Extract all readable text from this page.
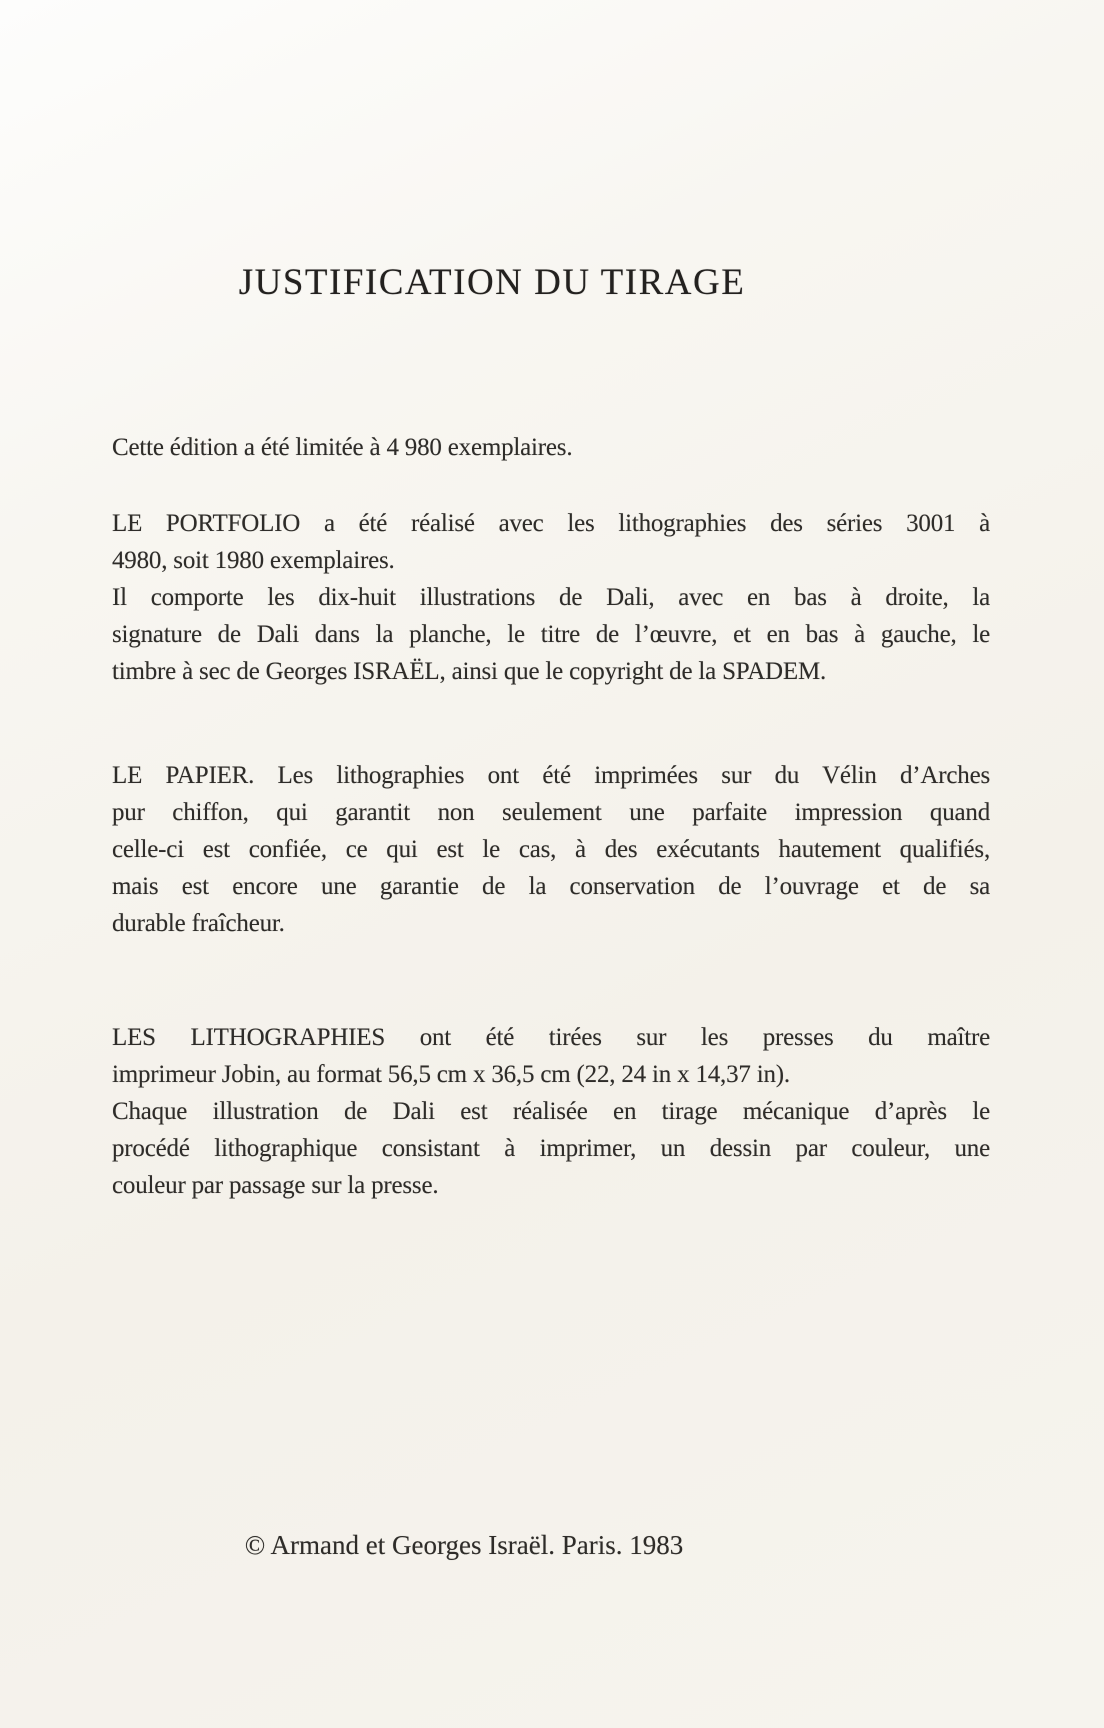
JUSTIFICATION DU TIRAGE
Cette édition a été limitée à 4 980 exemplaires.
LE PORTFOLIO a été réalisé avec les lithographies des séries 3001 à
4980, soit 1980 exemplaires.
Il comporte les dix-huit illustrations de Dali, avec en bas à droite, la
signature de Dali dans la planche, le titre de l’œuvre, et en bas à gauche, le
timbre à sec de Georges ISRAËL, ainsi que le copyright de la SPADEM.
LE PAPIER. Les lithographies ont été imprimées sur du Vélin d’Arches
pur chiffon, qui garantit non seulement une parfaite impression quand
celle-ci est confiée, ce qui est le cas, à des exécutants hautement qualifiés,
mais est encore une garantie de la conservation de l’ouvrage et de sa
durable fraîcheur.
LES LITHOGRAPHIES ont été tirées sur les presses du maître
imprimeur Jobin, au format 56,5 cm x 36,5 cm (22, 24 in x 14,37 in).
Chaque illustration de Dali est réalisée en tirage mécanique d’après le
procédé lithographique consistant à imprimer, un dessin par couleur, une
couleur par passage sur la presse.
© Armand et Georges Israël. Paris. 1983
